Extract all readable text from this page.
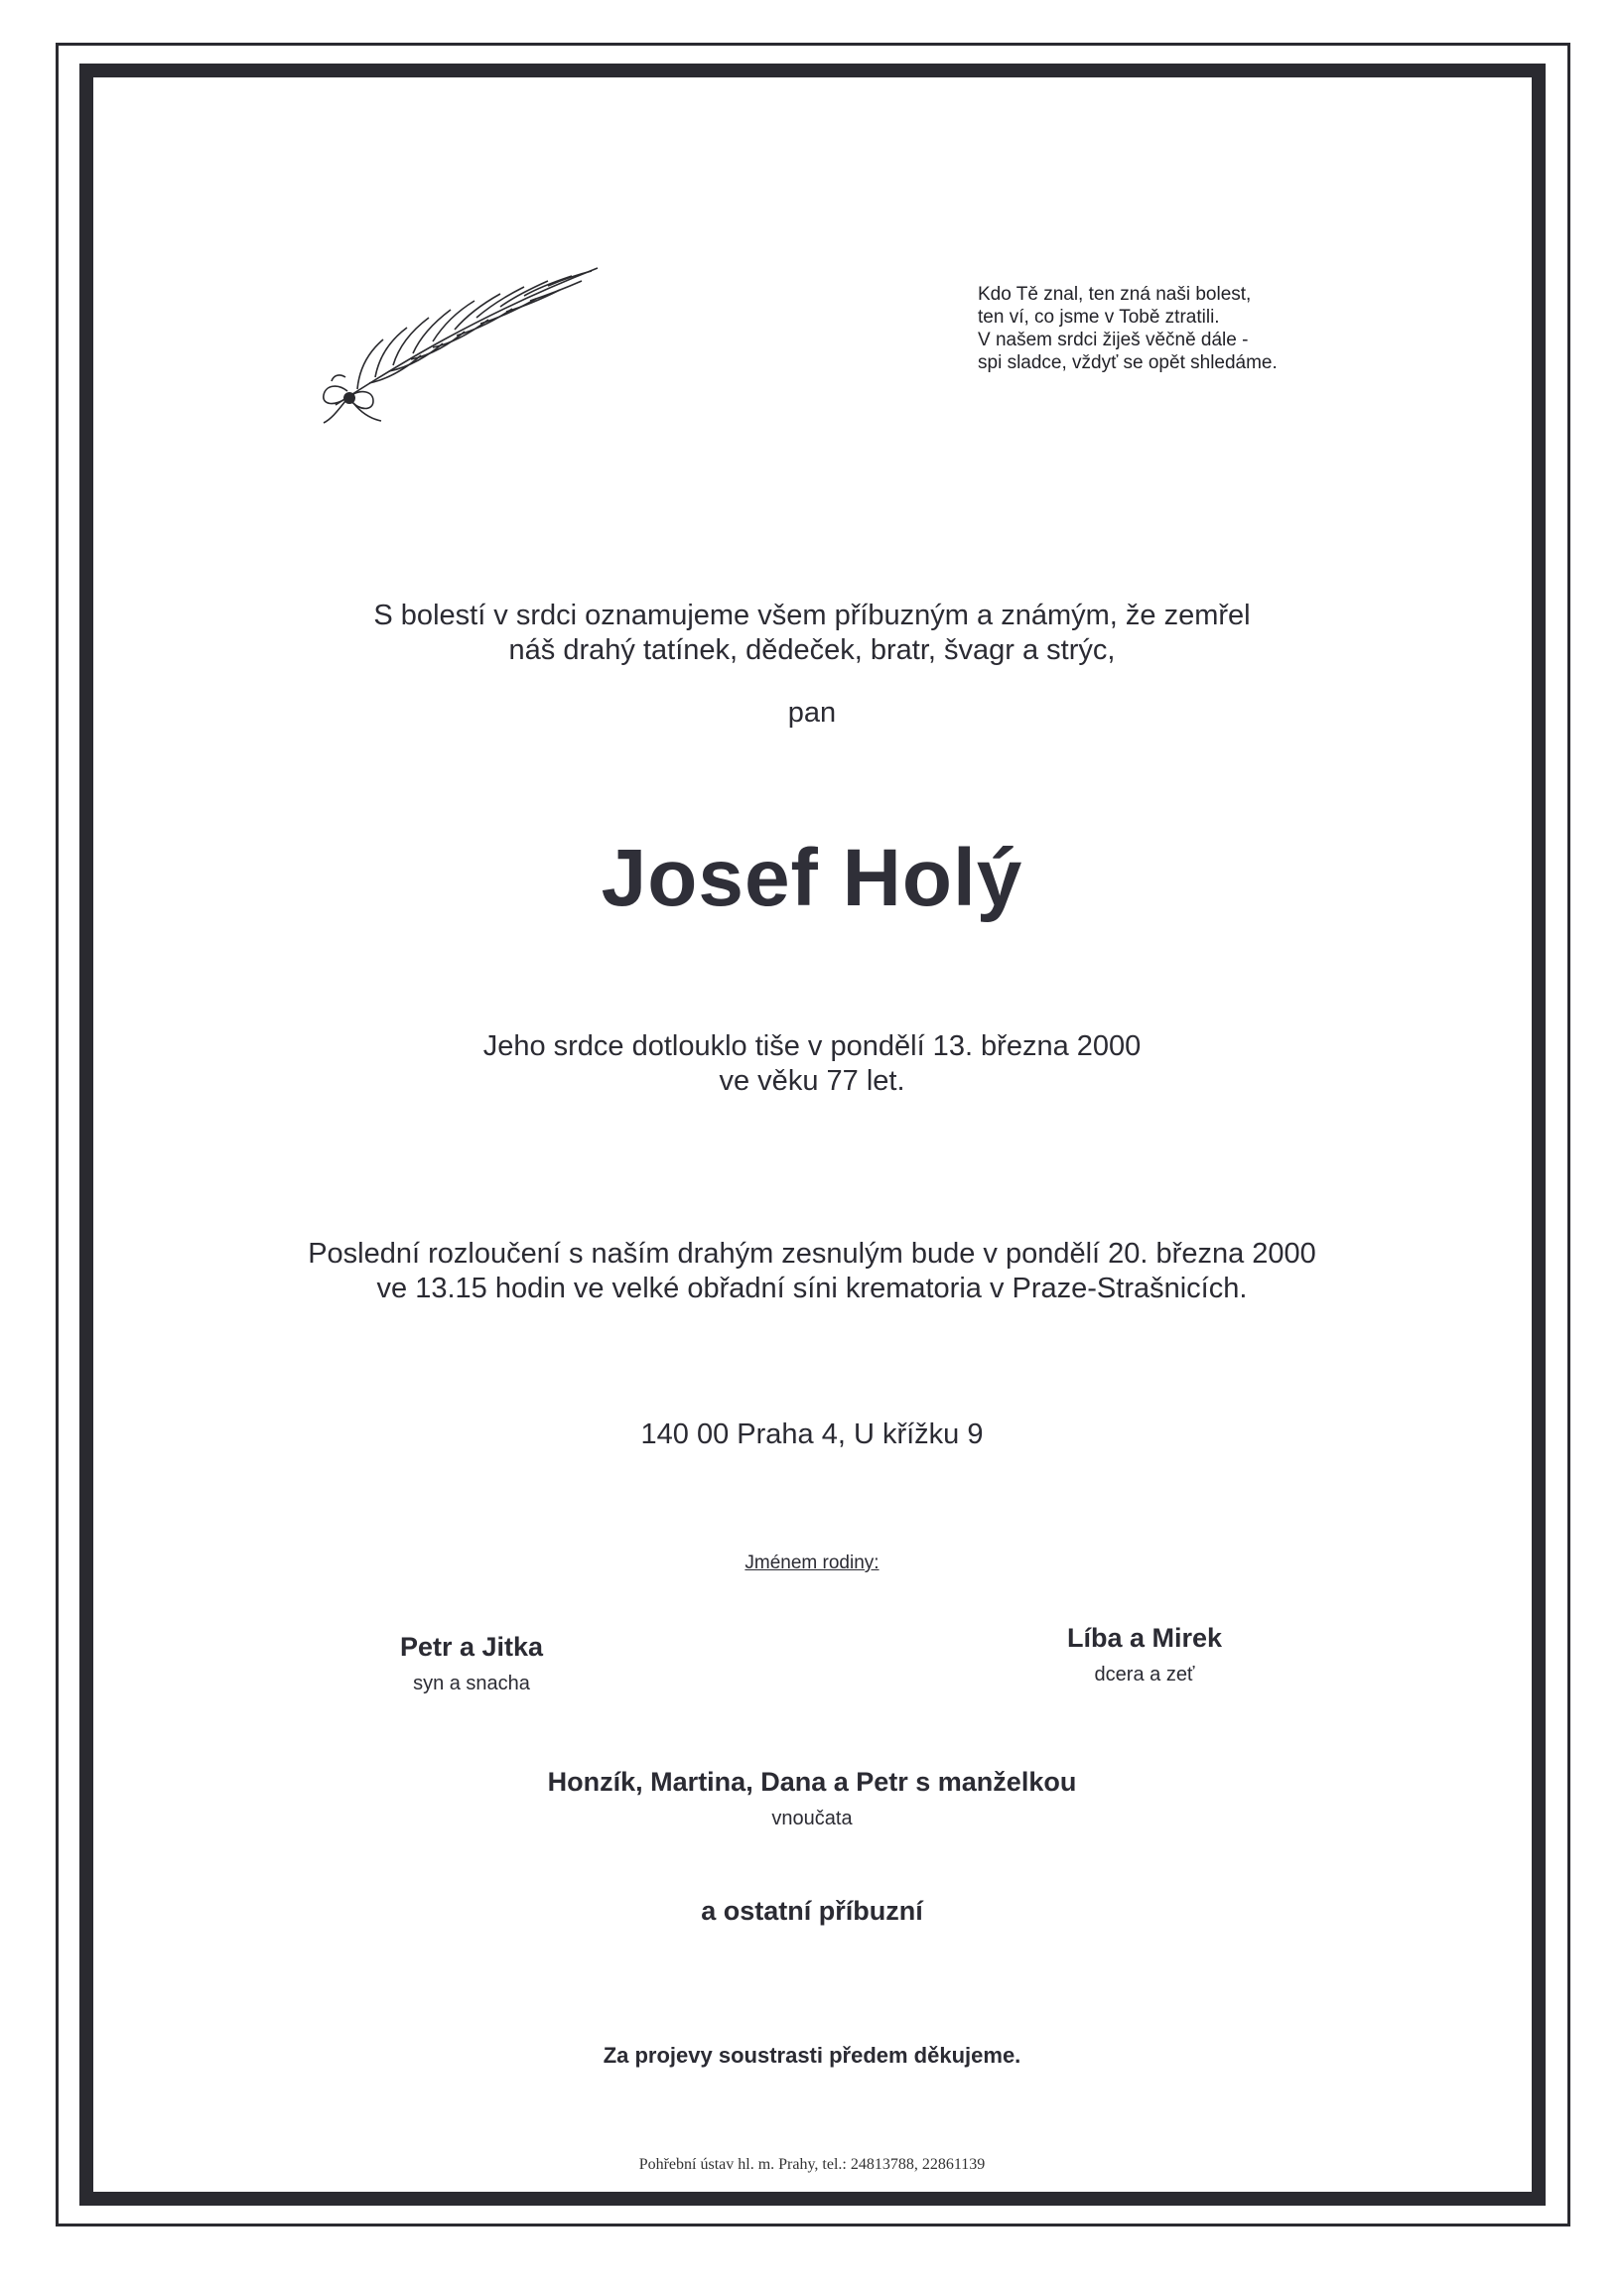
Kdo Tě znal, ten zná naši bolest,
ten ví, co jsme v Tobě ztratili.
V našem srdci žiješ věčně dále -
spi sladce, vždyť se opět shledáme.
S bolestí v srdci oznamujeme všem příbuzným a známým, že zemřel
náš drahý tatínek, dědeček, bratr, švagr a strýc,
pan
Josef Holý
Jeho srdce dotlouklo tiše v pondělí 13. března 2000
ve věku 77 let.
Poslední rozloučení s naším drahým zesnulým bude v pondělí 20. března 2000
ve 13.15 hodin ve velké obřadní síni krematoria v Praze-Strašnicích.
140 00 Praha 4, U křížku 9
Jménem rodiny:
Petr a Jitka
syn a snacha
Líba a Mirek
dcera a zeť
Honzík, Martina, Dana a Petr s manželkou
vnoučata
a ostatní příbuzní
Za projevy soustrasti předem děkujeme.
Pohřební ústav hl. m. Prahy, tel.: 24813788, 22861139
